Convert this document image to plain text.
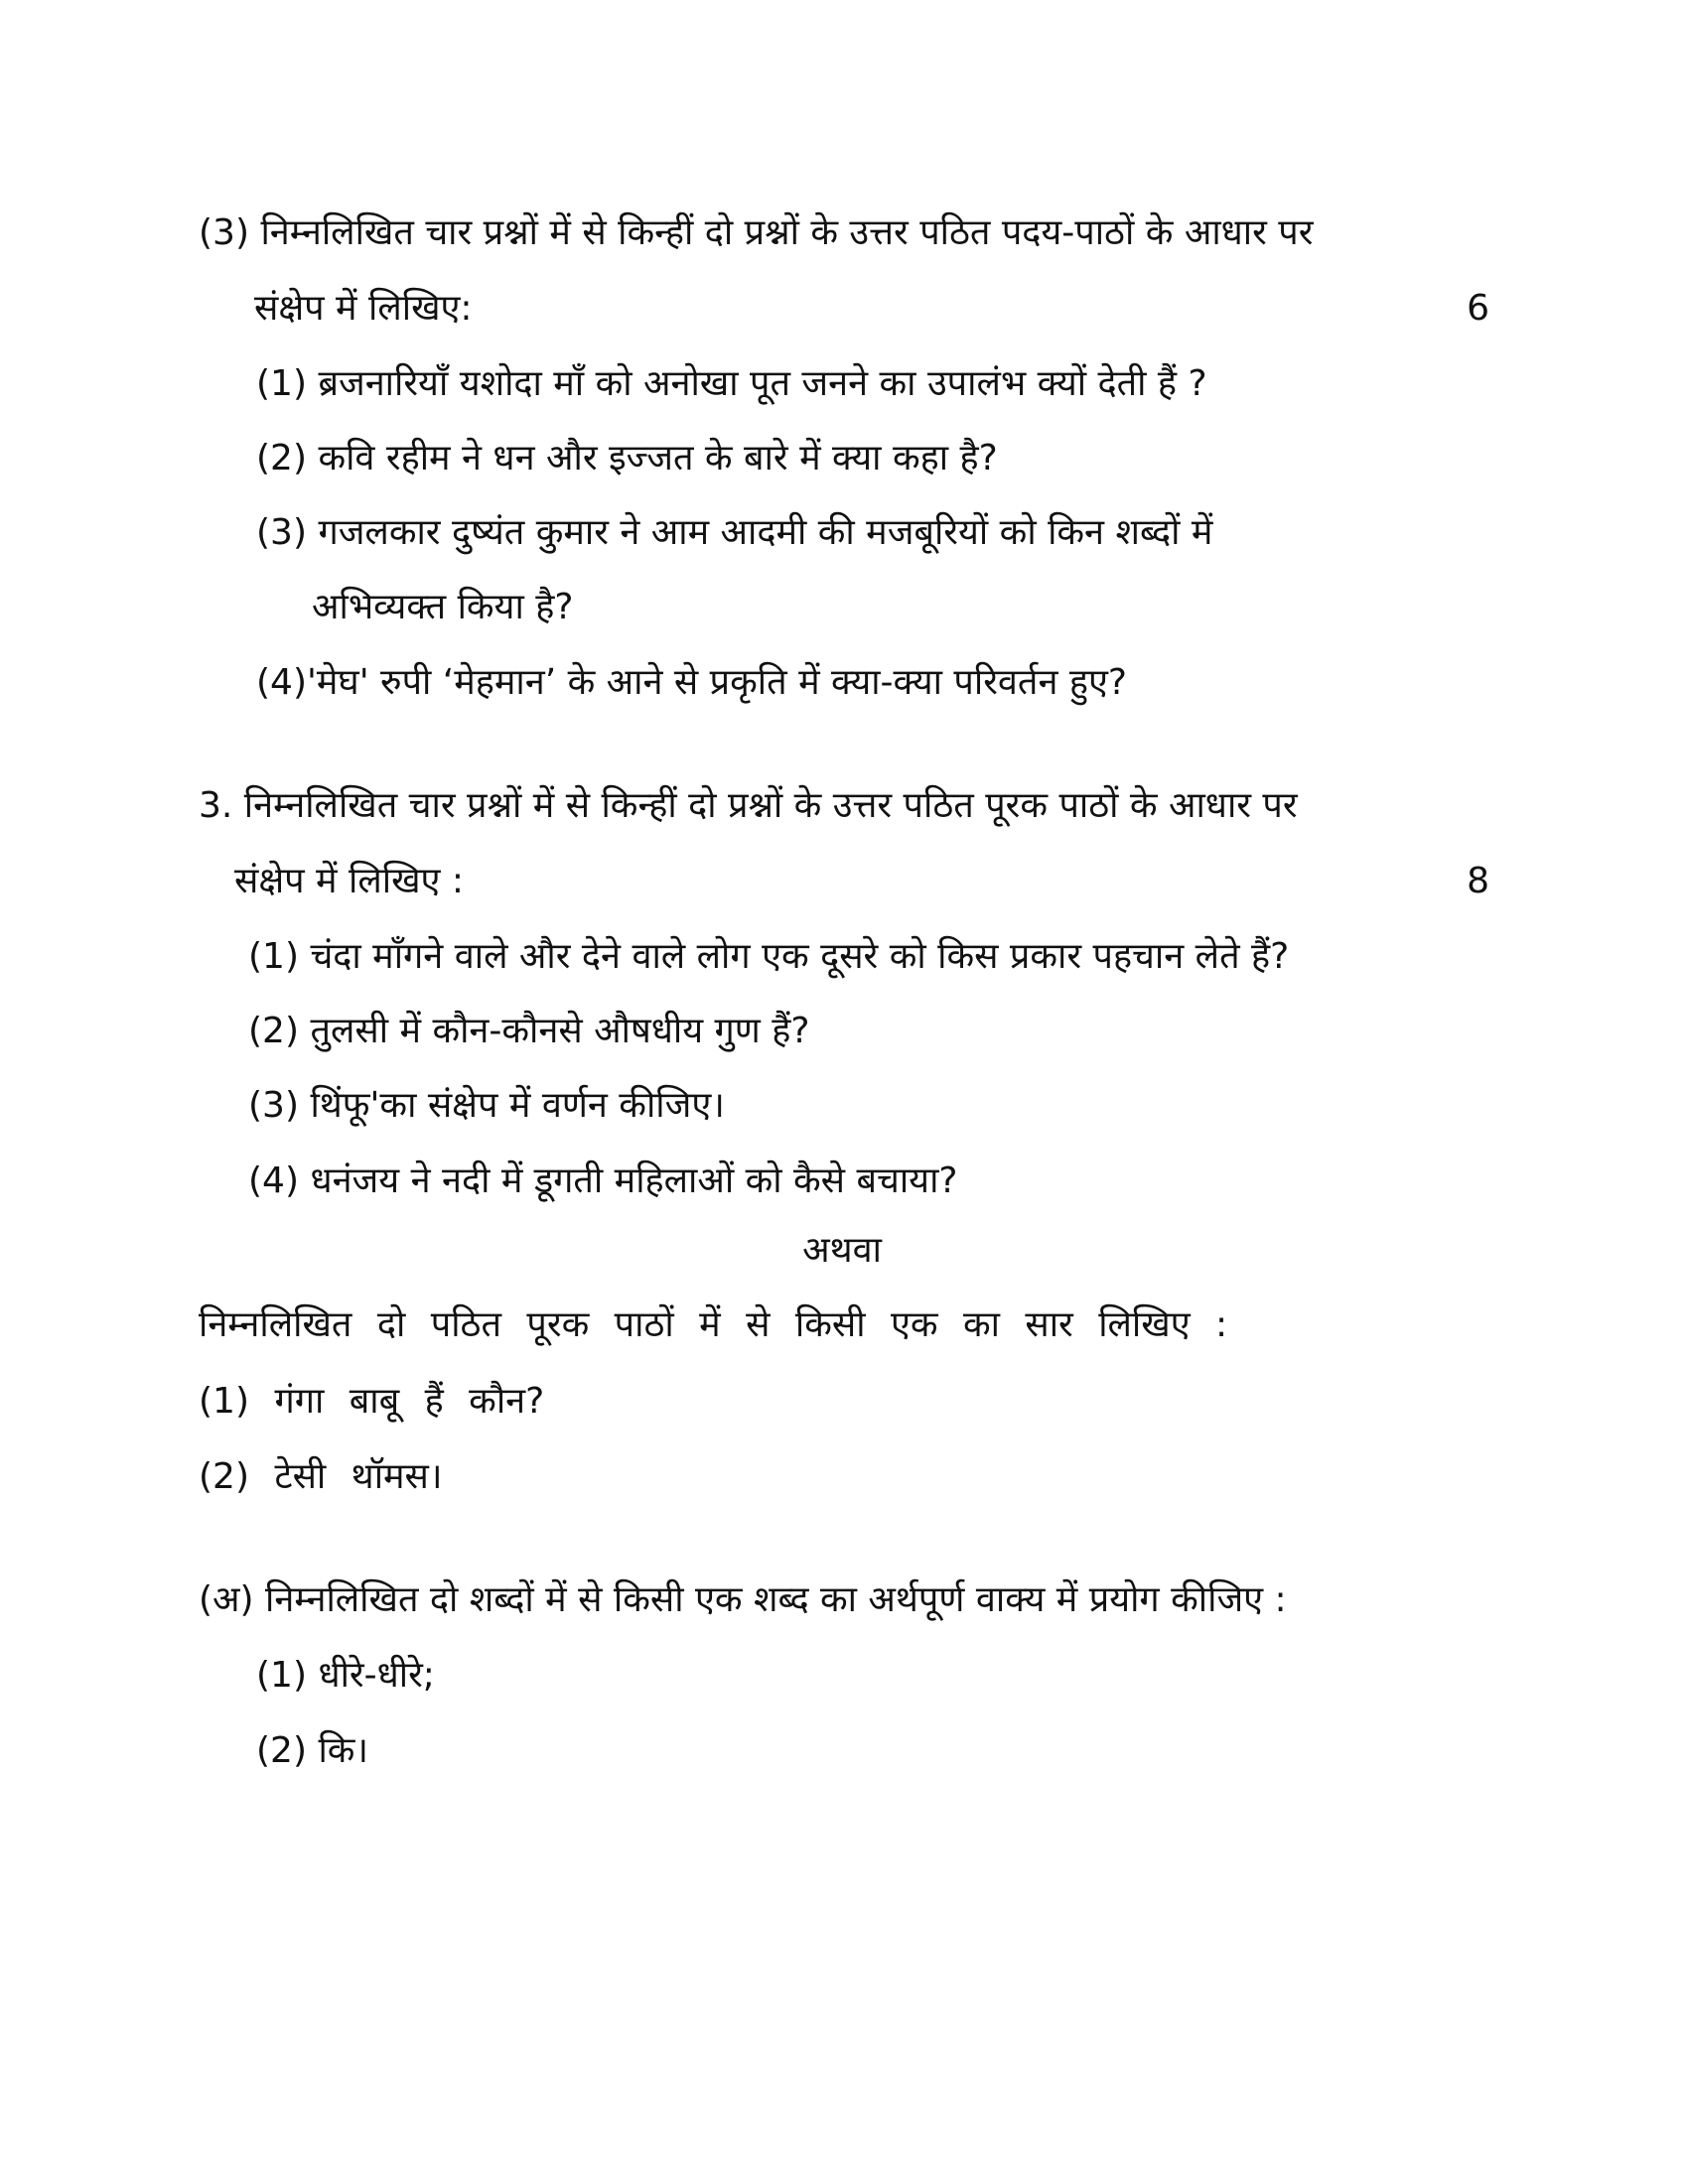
(3) निम्नलिखित चार प्रश्नों में से किन्हीं दो प्रश्नों के उत्तर पठित पदय-पाठों के आधार पर
संक्षेप में लिखिए:	6
(1) ब्रजनारियाँ यशोदा माँ को अनोखा पूत जनने का उपालंभ क्यों देती हैं ?
(2) कवि रहीम ने धन और इज्जत के बारे में क्या कहा है?
(3) गजलकार दुष्यंत कुमार ने आम आदमी की मजबूरियों को किन शब्दों में
अभिव्यक्त किया है?
(4)'मेघ' रुपी ‘मेहमान’ के आने से प्रकृति में क्या-क्या परिवर्तन हुए?
3. निम्नलिखित चार प्रश्नों में से किन्हीं दो प्रश्नों के उत्तर पठित पूरक पाठों के आधार पर
संक्षेप में लिखिए :	8
(1) चंदा माँगने वाले और देने वाले लोग एक दूसरे को किस प्रकार पहचान लेते हैं?
(2) तुलसी में कौन-कौनसे औषधीय गुण हैं?
(3) थिंफू'का संक्षेप में वर्णन कीजिए।
(4) धनंजय ने नदी में डूगती महिलाओं को कैसे बचाया?
अथवा
निम्नलिखित दो पठित पूरक पाठों में से किसी एक का सार लिखिए :
(1) गंगा बाबू हैं कौन?
(2) टेसी थॉमस।
(अ) निम्नलिखित दो शब्दों में से किसी एक शब्द का अर्थपूर्ण वाक्य में प्रयोग कीजिए :
(1) धीरे-धीरे;
(2) कि।
